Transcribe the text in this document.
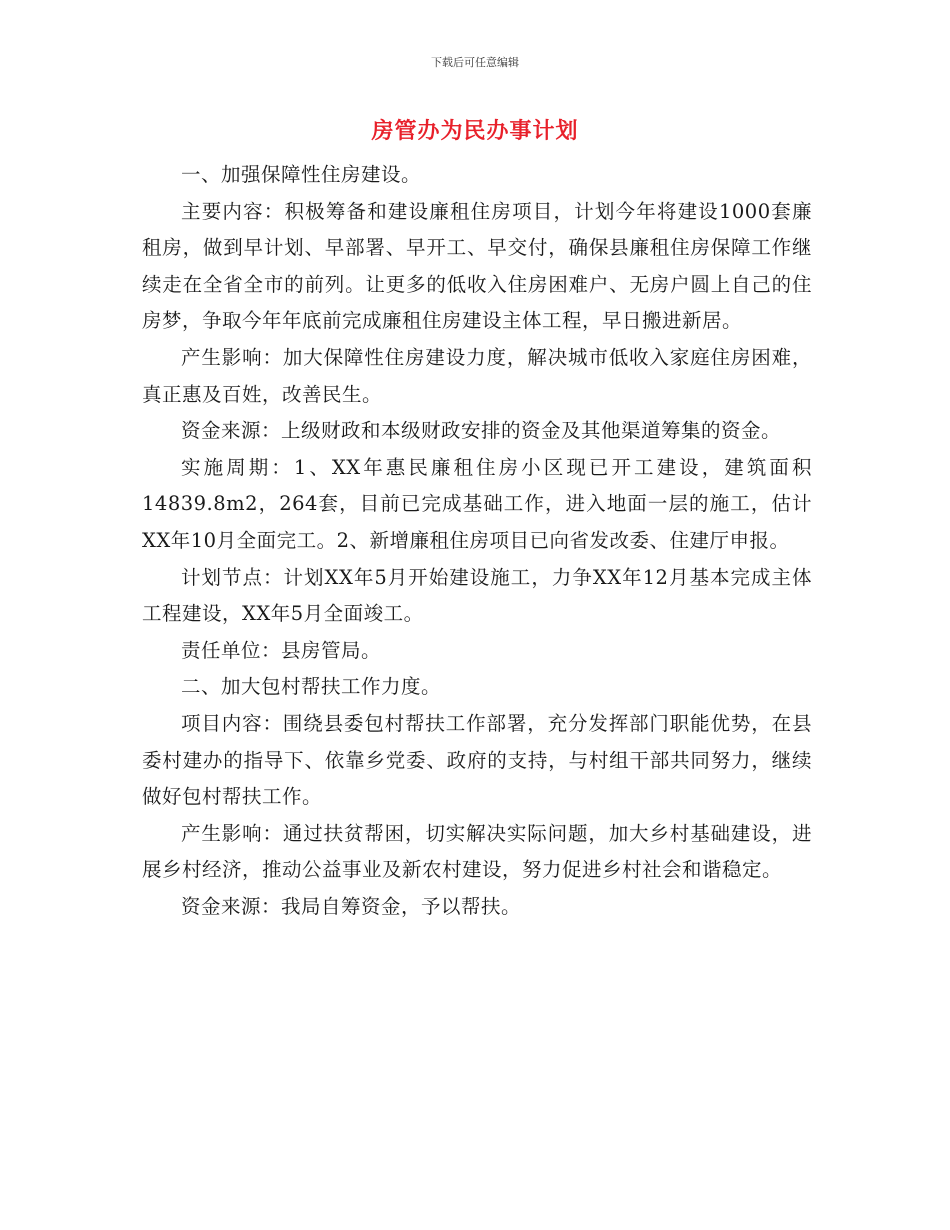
下载后可任意编辑
房管办为民办事计划

一、加强保障性住房建设。

主要内容：积极筹备和建设廉租住房项目，计划今年将建设1000套廉租房，做到早计划、早部署、早开工、早交付，确保县廉租住房保障工作继续走在全省全市的前列。让更多的低收入住房困难户、无房户圆上自己的住房梦，争取今年年底前完成廉租住房建设主体工程，早日搬进新居。

产生影响：加大保障性住房建设力度，解决城市低收入家庭住房困难，真正惠及百姓，改善民生。

资金来源：上级财政和本级财政安排的资金及其他渠道筹集的资金。

实施周期：1、XX年惠民廉租住房小区现已开工建设，建筑面积14839.8m2，264套，目前已完成基础工作，进入地面一层的施工，估计XX年10月全面完工。2、新增廉租住房项目已向省发改委、住建厅申报。

计划节点：计划XX年5月开始建设施工，力争XX年12月基本完成主体工程建设，XX年5月全面竣工。

责任单位：县房管局。

二、加大包村帮扶工作力度。

项目内容：围绕县委包村帮扶工作部署，充分发挥部门职能优势，在县委村建办的指导下、依靠乡党委、政府的支持，与村组干部共同努力，继续做好包村帮扶工作。

产生影响：通过扶贫帮困，切实解决实际问题，加大乡村基础建设，进展乡村经济，推动公益事业及新农村建设，努力促进乡村社会和谐稳定。

资金来源：我局自筹资金，予以帮扶。
